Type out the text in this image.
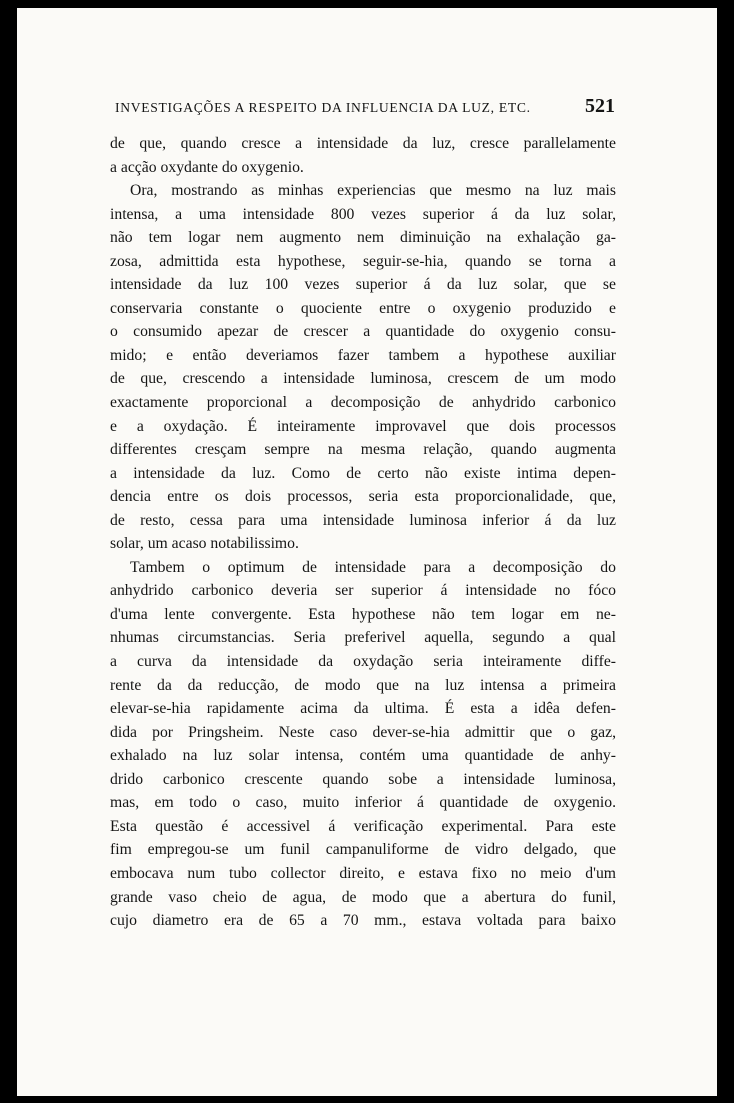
INVESTIGAÇÕES A RESPEITO DA INFLUENCIA DA LUZ, ETC.	521
de que, quando cresce a intensidade da luz, cresce parallelamente
a acção oxydante do oxygenio.
Ora, mostrando as minhas experiencias que mesmo na luz mais
intensa, a uma intensidade 800 vezes superior á da luz solar,
não tem logar nem augmento nem diminuição na exhalação ga-
zosa, admittida esta hypothese, seguir-se-hia, quando se torna a
intensidade da luz 100 vezes superior á da luz solar, que se
conservaria constante o quociente entre o oxygenio produzido e
o consumido apezar de crescer a quantidade do oxygenio consu-
mido; e então deveriamos fazer tambem a hypothese auxiliar
de que, crescendo a intensidade luminosa, crescem de um modo
exactamente proporcional a decomposição de anhydrido carbonico
e a oxydação. É inteiramente improvavel que dois processos
differentes cresçam sempre na mesma relação, quando augmenta
a intensidade da luz. Como de certo não existe intima depen-
dencia entre os dois processos, seria esta proporcionalidade, que,
de resto, cessa para uma intensidade luminosa inferior á da luz
solar, um acaso notabilissimo.
Tambem o optimum de intensidade para a decomposição do
anhydrido carbonico deveria ser superior á intensidade no fóco
d'uma lente convergente. Esta hypothese não tem logar em ne-
nhumas circumstancias. Seria preferivel aquella, segundo a qual
a curva da intensidade da oxydação seria inteiramente diffe-
rente da da reducção, de modo que na luz intensa a primeira
elevar-se-hia rapidamente acima da ultima. É esta a idêa defen-
dida por Pringsheim. Neste caso dever-se-hia admittir que o gaz,
exhalado na luz solar intensa, contém uma quantidade de anhy-
drido carbonico crescente quando sobe a intensidade luminosa,
mas, em todo o caso, muito inferior á quantidade de oxygenio.
Esta questão é accessivel á verificação experimental. Para este
fim empregou-se um funil campanuliforme de vidro delgado, que
embocava num tubo collector direito, e estava fixo no meio d'um
grande vaso cheio de agua, de modo que a abertura do funil,
cujo diametro era de 65 a 70 mm., estava voltada para baixo
